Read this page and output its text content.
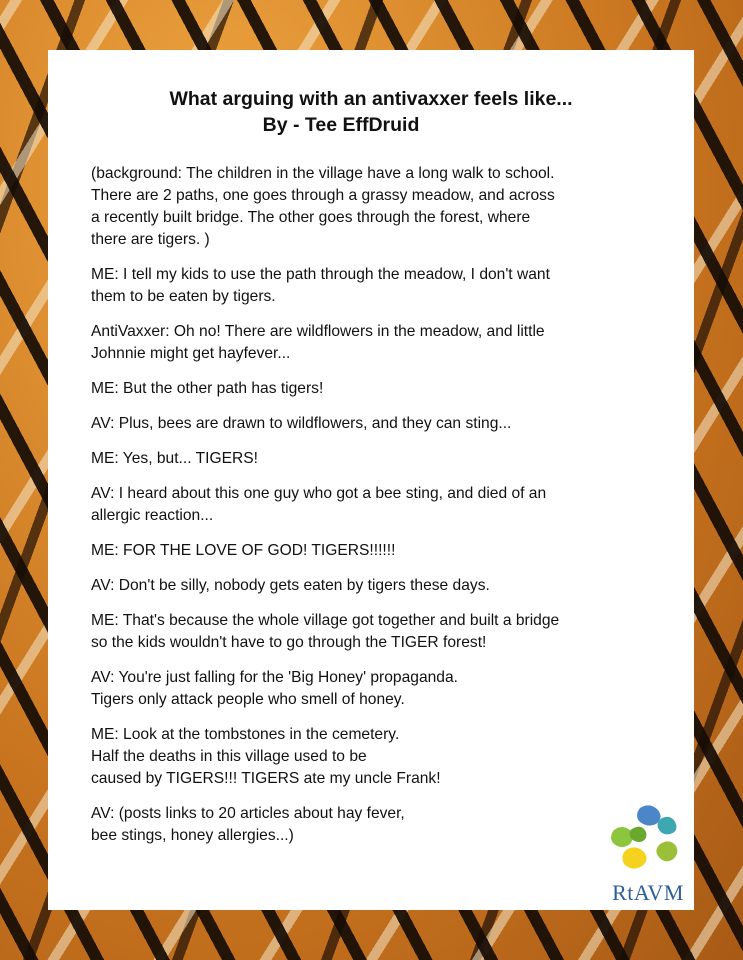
What arguing with an antivaxxer feels like...
By - Tee EffDruid

(background: The children in the village have a long walk to school.
There are 2 paths, one goes through a grassy meadow, and across
a recently built bridge. The other goes through the forest, where
there are tigers. )

ME: I tell my kids to use the path through the meadow, I don't want
them to be eaten by tigers.

AntiVaxxer: Oh no! There are wildflowers in the meadow, and little
Johnnie might get hayfever...

ME: But the other path has tigers!

AV: Plus, bees are drawn to wildflowers, and they can sting...

ME: Yes, but... TIGERS!

AV: I heard about this one guy who got a bee sting, and died of an
allergic reaction...

ME: FOR THE LOVE OF GOD! TIGERS!!!!!!

AV: Don't be silly, nobody gets eaten by tigers these days.

ME: That's because the whole village got together and built a bridge
so the kids wouldn't have to go through the TIGER forest!

AV: You're just falling for the 'Big Honey' propaganda.
Tigers only attack people who smell of honey.

ME: Look at the tombstones in the cemetery.
Half the deaths in this village used to be
caused by TIGERS!!! TIGERS ate my uncle Frank!

AV: (posts links to 20 articles about hay fever,
bee stings, honey allergies...)

RtAVM
